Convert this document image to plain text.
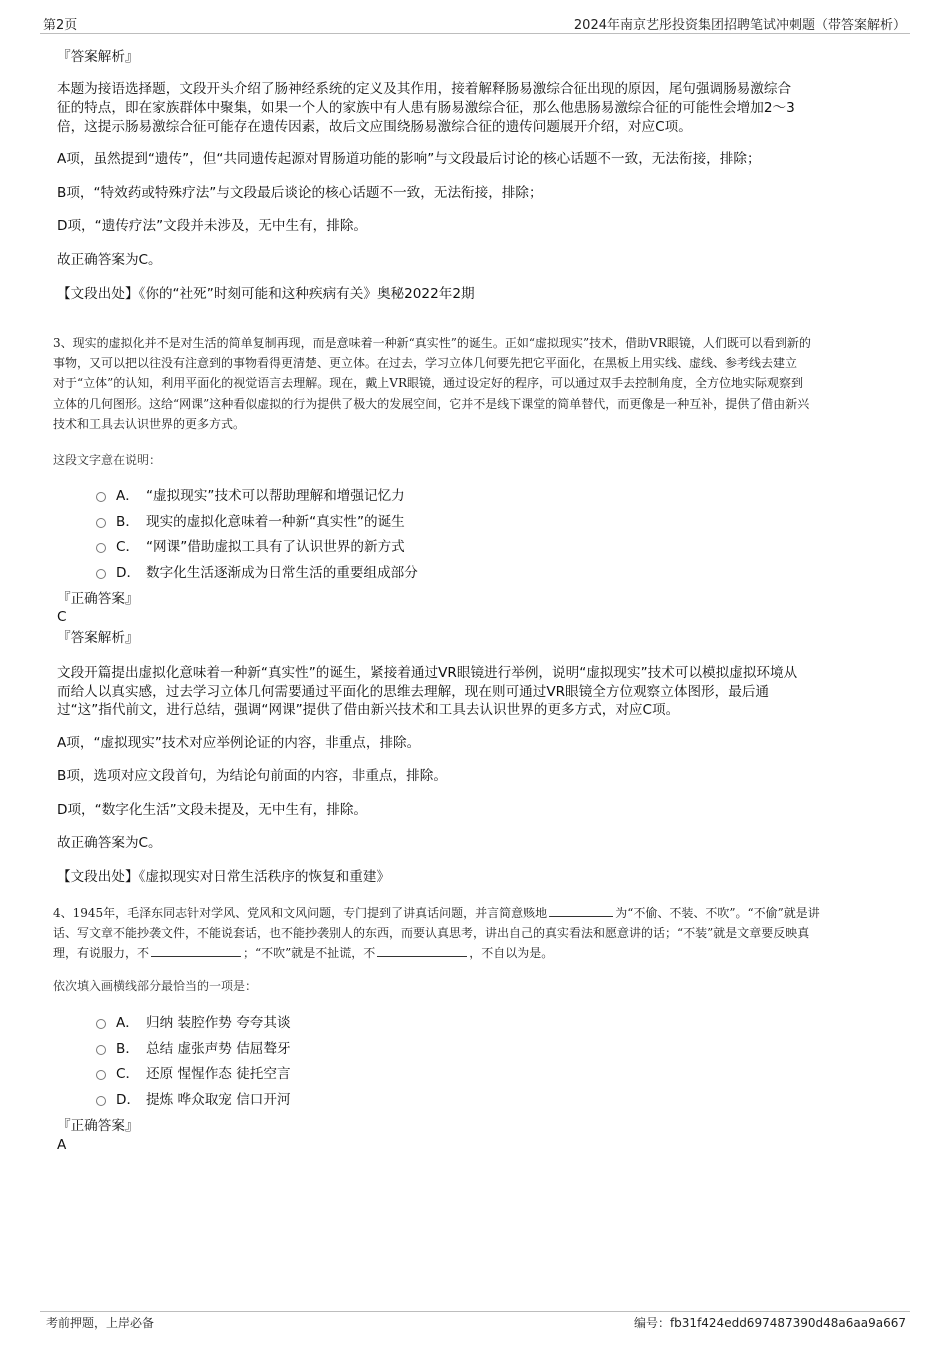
第2页	2024年南京艺彤投资集团招聘笔试冲刺题（带答案解析）
『答案解析』
本题为接语选择题，文段开头介绍了肠神经系统的定义及其作用，接着解释肠易激综合征出现的原因，尾句强调肠易激综合
征的特点，即在家族群体中聚集，如果一个人的家族中有人患有肠易激综合征，那么他患肠易激综合征的可能性会增加2～3
倍，这提示肠易激综合征可能存在遗传因素，故后文应围绕肠易激综合征的遗传问题展开介绍，对应C项。
A项，虽然提到“遗传”，但“共同遗传起源对胃肠道功能的影响”与文段最后讨论的核心话题不一致，无法衔接，排除；
B项，“特效药或特殊疗法”与文段最后谈论的核心话题不一致，无法衔接，排除；
D项，“遗传疗法”文段并未涉及，无中生有，排除。
故正确答案为C。
【文段出处】《你的“社死”时刻可能和这种疾病有关》奥秘2022年2期
3、现实的虚拟化并不是对生活的简单复制再现，而是意味着一种新“真实性”的诞生。正如“虚拟现实”技术，借助VR眼镜，人们既可以看到新的
事物，又可以把以往没有注意到的事物看得更清楚、更立体。在过去，学习立体几何要先把它平面化，在黑板上用实线、虚线、参考线去建立
对于“立体”的认知，利用平面化的视觉语言去理解。现在，戴上VR眼镜，通过设定好的程序，可以通过双手去控制角度，全方位地实际观察到
立体的几何图形。这给“网课”这种看似虚拟的行为提供了极大的发展空间，它并不是线下课堂的简单替代，而更像是一种互补，提供了借由新兴
技术和工具去认识世界的更多方式。
这段文字意在说明：
A． “虚拟现实”技术可以帮助理解和增强记忆力
B． 现实的虚拟化意味着一种新“真实性”的诞生
C． “网课”借助虚拟工具有了认识世界的新方式
D． 数字化生活逐渐成为日常生活的重要组成部分
『正确答案』
C
『答案解析』
文段开篇提出虚拟化意味着一种新“真实性”的诞生，紧接着通过VR眼镜进行举例，说明“虚拟现实”技术可以模拟虚拟环境从
而给人以真实感，过去学习立体几何需要通过平面化的思维去理解，现在则可通过VR眼镜全方位观察立体图形，最后通
过“这”指代前文，进行总结，强调“网课”提供了借由新兴技术和工具去认识世界的更多方式，对应C项。
A项，“虚拟现实”技术对应举例论证的内容，非重点，排除。
B项，选项对应文段首句，为结论句前面的内容，非重点，排除。
D项，“数字化生活”文段未提及，无中生有，排除。
故正确答案为C。
【文段出处】《虚拟现实对日常生活秩序的恢复和重建》
4、1945年，毛泽东同志针对学风、党风和文风问题，专门提到了讲真话问题，并言简意赅地	为“不偷、不装、不吹”。“不偷”就是讲
话、写文章不能抄袭文件，不能说套话，也不能抄袭别人的东西，而要认真思考，讲出自己的真实看法和愿意讲的话；“不装”就是文章要反映真
理，有说服力，不	；“不吹”就是不扯谎，不	，不自以为是。
依次填入画横线部分最恰当的一项是：
A． 归纳 装腔作势 夸夸其谈
B． 总结 虚张声势 佶屈聱牙
C． 还原 惺惺作态 徒托空言
D． 提炼 哗众取宠 信口开河
『正确答案』
A
考前押题，上岸必备	编号：fb31f424edd697487390d48a6aa9a667
